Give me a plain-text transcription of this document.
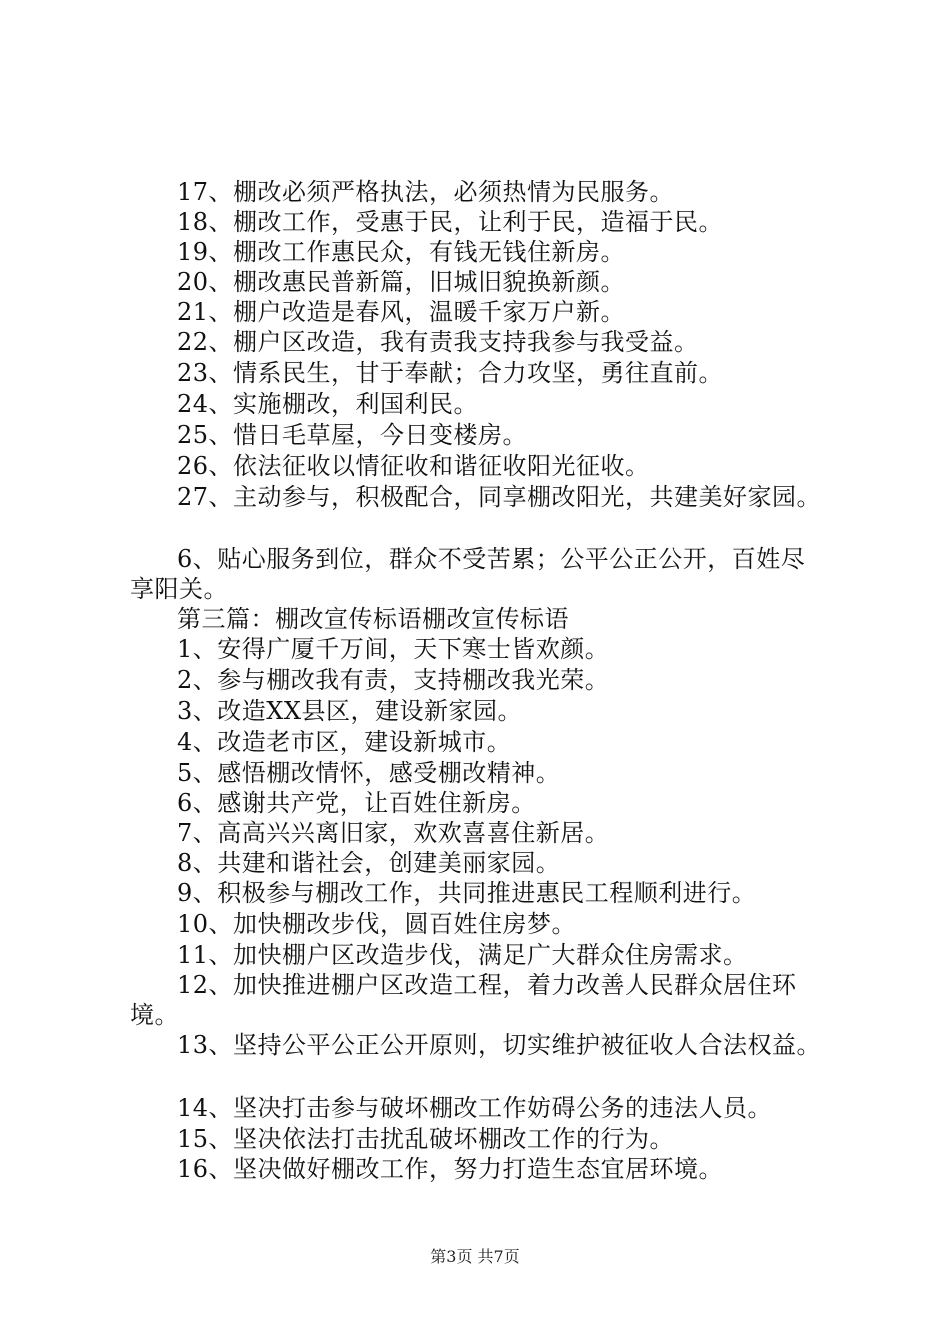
17、棚改必须严格执法，必须热情为民服务。
18、棚改工作，受惠于民，让利于民，造福于民。
19、棚改工作惠民众，有钱无钱住新房。
20、棚改惠民普新篇，旧城旧貌换新颜。
21、棚户改造是春风，温暖千家万户新。
22、棚户区改造，我有责我支持我参与我受益。
23、情系民生，甘于奉献；合力攻坚，勇往直前。
24、实施棚改，利国利民。
25、惜日毛草屋，今日变楼房。
26、依法征收以情征收和谐征收阳光征收。
27、主动参与，积极配合，同享棚改阳光，共建美好家园。
6、贴心服务到位，群众不受苦累；公平公正公开，百姓尽
享阳关。
第三篇：棚改宣传标语棚改宣传标语
1、安得广厦千万间，天下寒士皆欢颜。
2、参与棚改我有责，支持棚改我光荣。
3、改造XX县区，建设新家园。
4、改造老市区，建设新城市。
5、感悟棚改情怀，感受棚改精神。
6、感谢共产党，让百姓住新房。
7、高高兴兴离旧家，欢欢喜喜住新居。
8、共建和谐社会，创建美丽家园。
9、积极参与棚改工作，共同推进惠民工程顺利进行。
10、加快棚改步伐，圆百姓住房梦。
11、加快棚户区改造步伐，满足广大群众住房需求。
12、加快推进棚户区改造工程，着力改善人民群众居住环
境。
13、坚持公平公正公开原则，切实维护被征收人合法权益。
14、坚决打击参与破坏棚改工作妨碍公务的违法人员。
15、坚决依法打击扰乱破坏棚改工作的行为。
16、坚决做好棚改工作，努力打造生态宜居环境。
第3页 共7页
